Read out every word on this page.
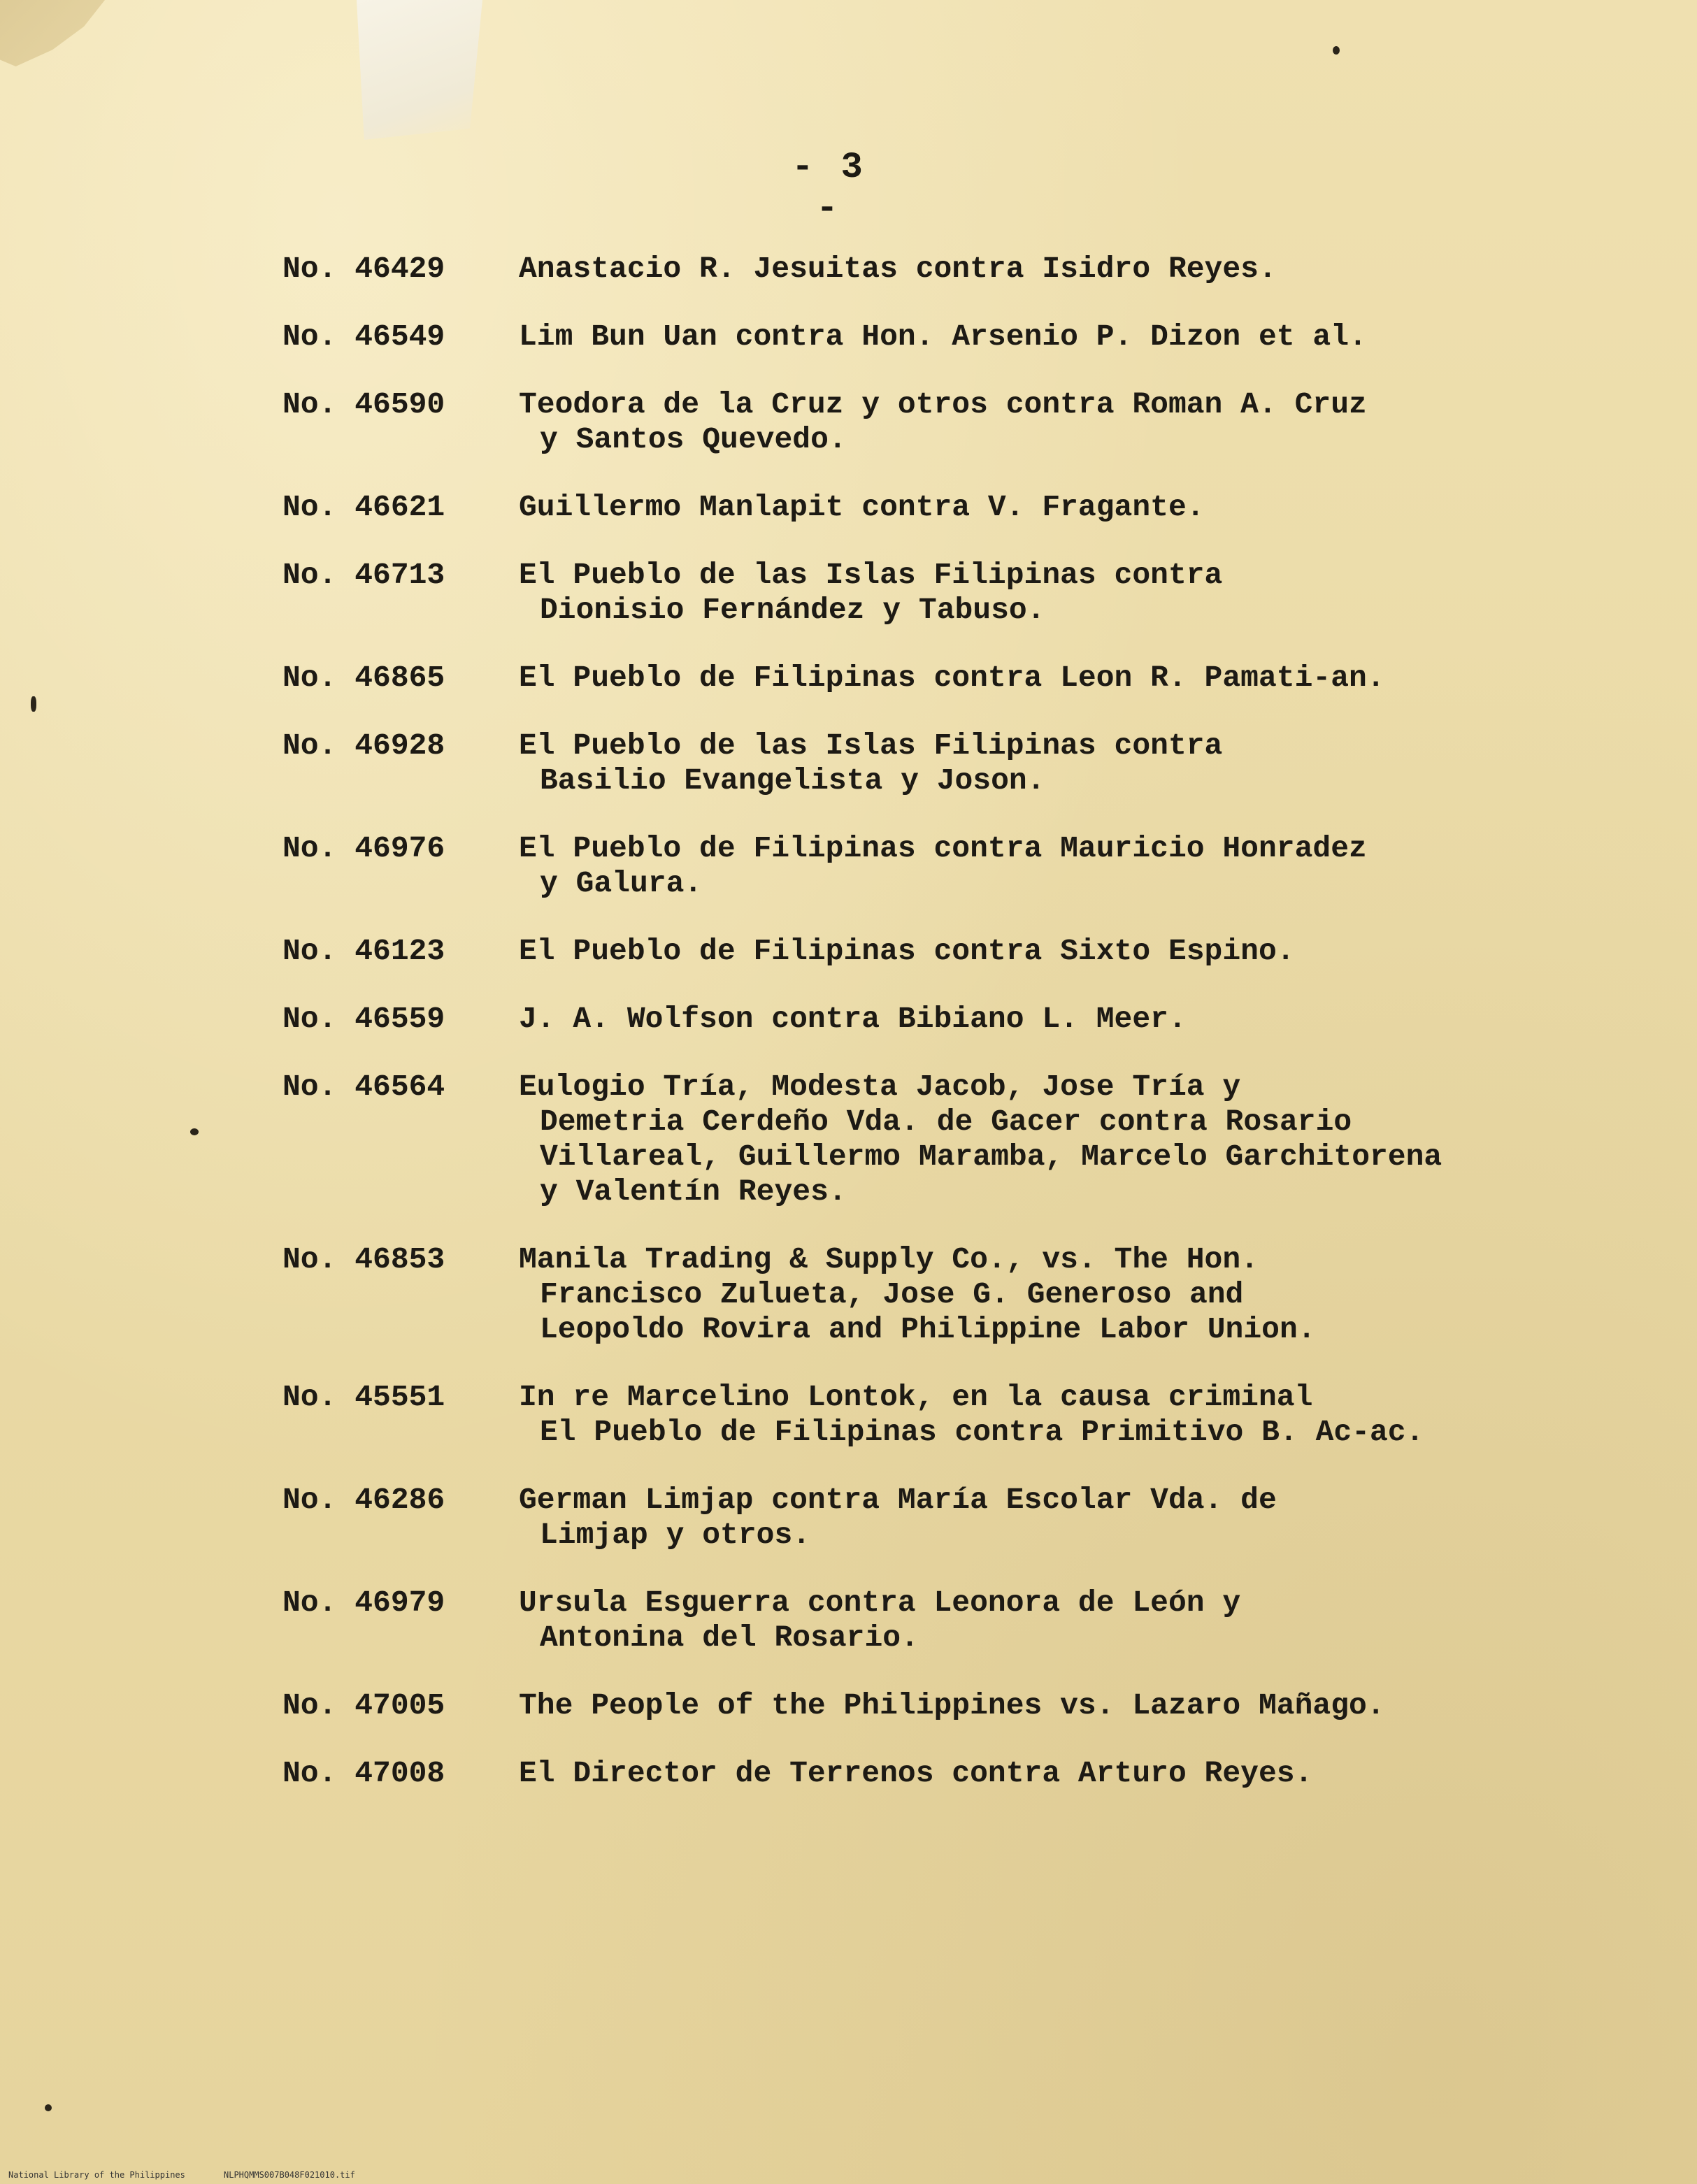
- 3 -
No. 46429	Anastacio R. Jesuitas contra Isidro Reyes.
No. 46549	Lim Bun Uan contra Hon. Arsenio P. Dizon et al.
No. 46590	Teodora de la Cruz y otros contra Roman A. Cruz
y Santos Quevedo.
No. 46621	Guillermo Manlapit contra V. Fragante.
No. 46713	El Pueblo de las Islas Filipinas contra
Dionisio Fernández y Tabuso.
No. 46865	El Pueblo de Filipinas contra Leon R. Pamati-an.
No. 46928	El Pueblo de las Islas Filipinas contra
Basilio Evangelista y Joson.
No. 46976	El Pueblo de Filipinas contra Mauricio Honradez
y Galura.
No. 46123	El Pueblo de Filipinas contra Sixto Espino.
No. 46559	J. A. Wolfson contra Bibiano L. Meer.
No. 46564	Eulogio Tría, Modesta Jacob, Jose Tría y
Demetria Cerdeño Vda. de Gacer contra Rosario
Villareal, Guillermo Maramba, Marcelo Garchitorena
y Valentín Reyes.
No. 46853	Manila Trading & Supply Co., vs. The Hon.
Francisco Zulueta, Jose G. Generoso and
Leopoldo Rovira and Philippine Labor Union.
No. 45551	In re Marcelino Lontok, en la causa criminal
El Pueblo de Filipinas contra Primitivo B. Ac-ac.
No. 46286	German Limjap contra María Escolar Vda. de
Limjap y otros.
No. 46979	Ursula Esguerra contra Leonora de León y
Antonina del Rosario.
No. 47005	The People of the Philippines vs. Lazaro Mañago.
No. 47008	El Director de Terrenos contra Arturo Reyes.
National Library of the Philippines	NLPHQMMS007B048F021010.tif
